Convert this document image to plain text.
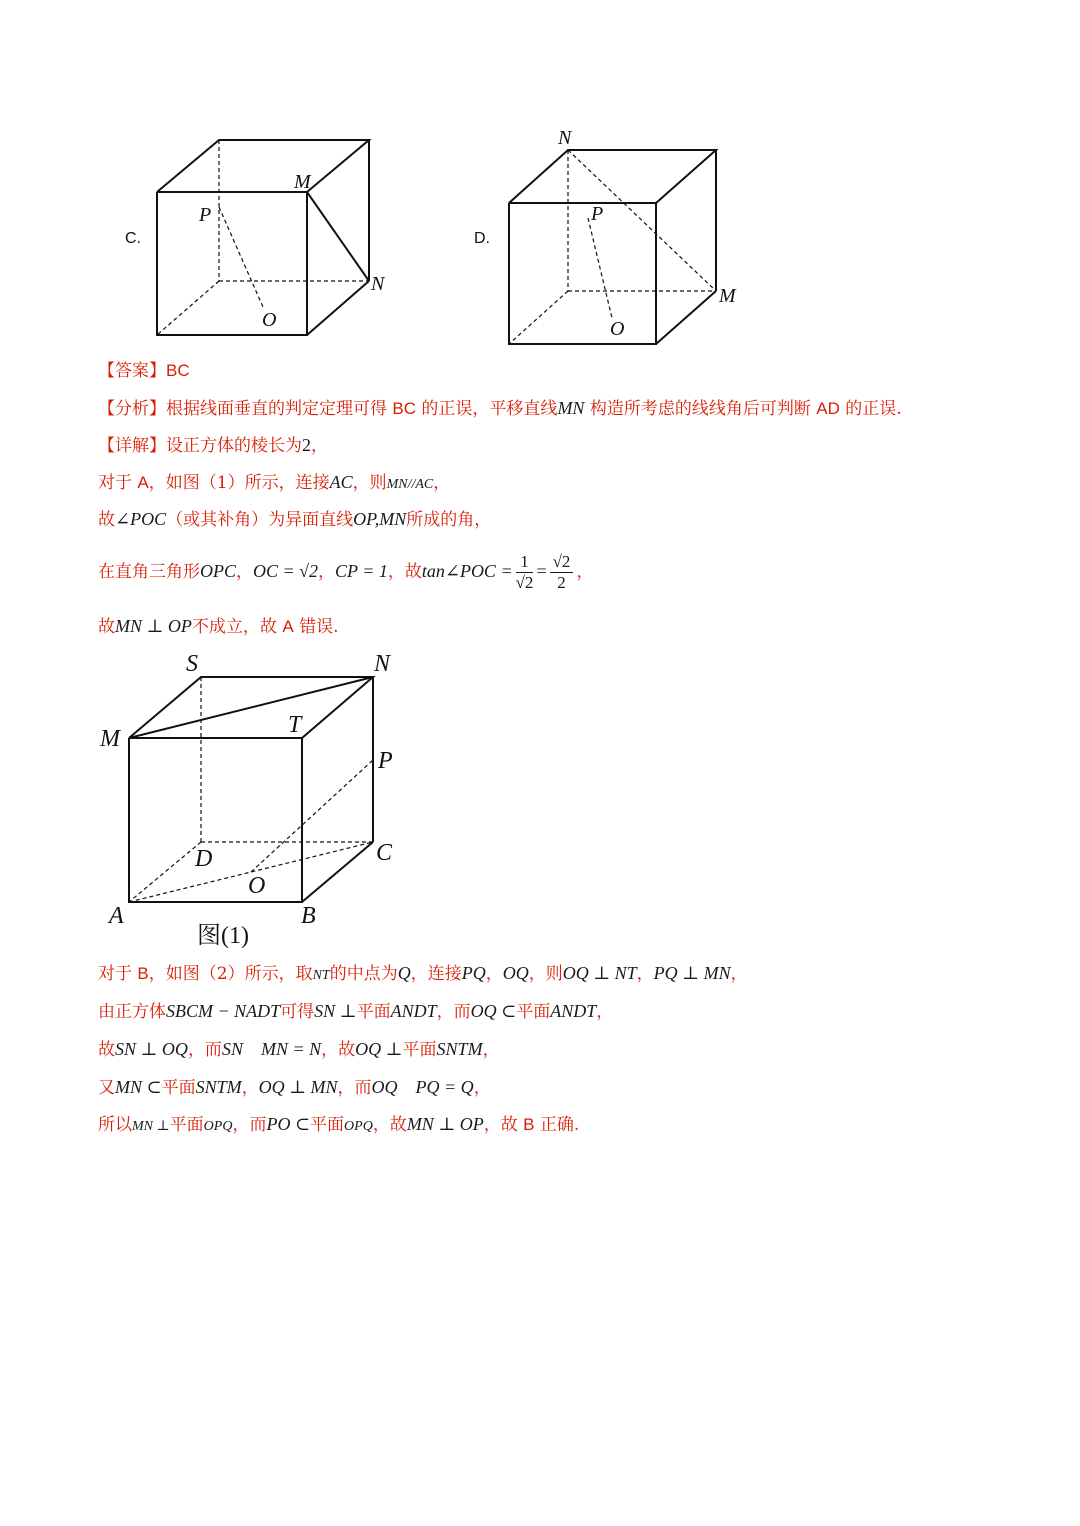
C.
M
P
N
O
D.
N
P
M
O
S	N
M
T
P
D	C
O
A	B
图(1)
【答案】BC
【分析】根据线面垂直的判定定理可得 BC 的正误，平移直线MN 构造所考虑的线线角后可判断 AD 的正误.
【详解】设正方体的棱长为2，
对于 A，如图（1）所示，连接AC，则MN//AC，
故∠POC（或其补角）为异面直线OP,MN所成的角，
在直角三角形OPC，OC = √2，CP = 1，故tan∠POC = $\frac{1}{√2} = \frac{√2}{2}$ ，
故MN ⊥ OP不成立，故 A 错误.
对于 B，如图（2）所示，取NT的中点为Q，连接PQ，OQ，则OQ ⊥ NT，PQ ⊥ MN，
由正方体SBCM − NADT可得SN ⊥平面ANDT，而OQ ⊂平面ANDT，
故SN ⊥ OQ，而SN    MN = N，故OQ ⊥平面SNTM，
又MN ⊂平面SNTM，OQ ⊥ MN，而OQ    PQ = Q，
所以MN ⊥平面OPQ，而PO ⊂平面OPQ，故MN ⊥ OP，故 B 正确.
